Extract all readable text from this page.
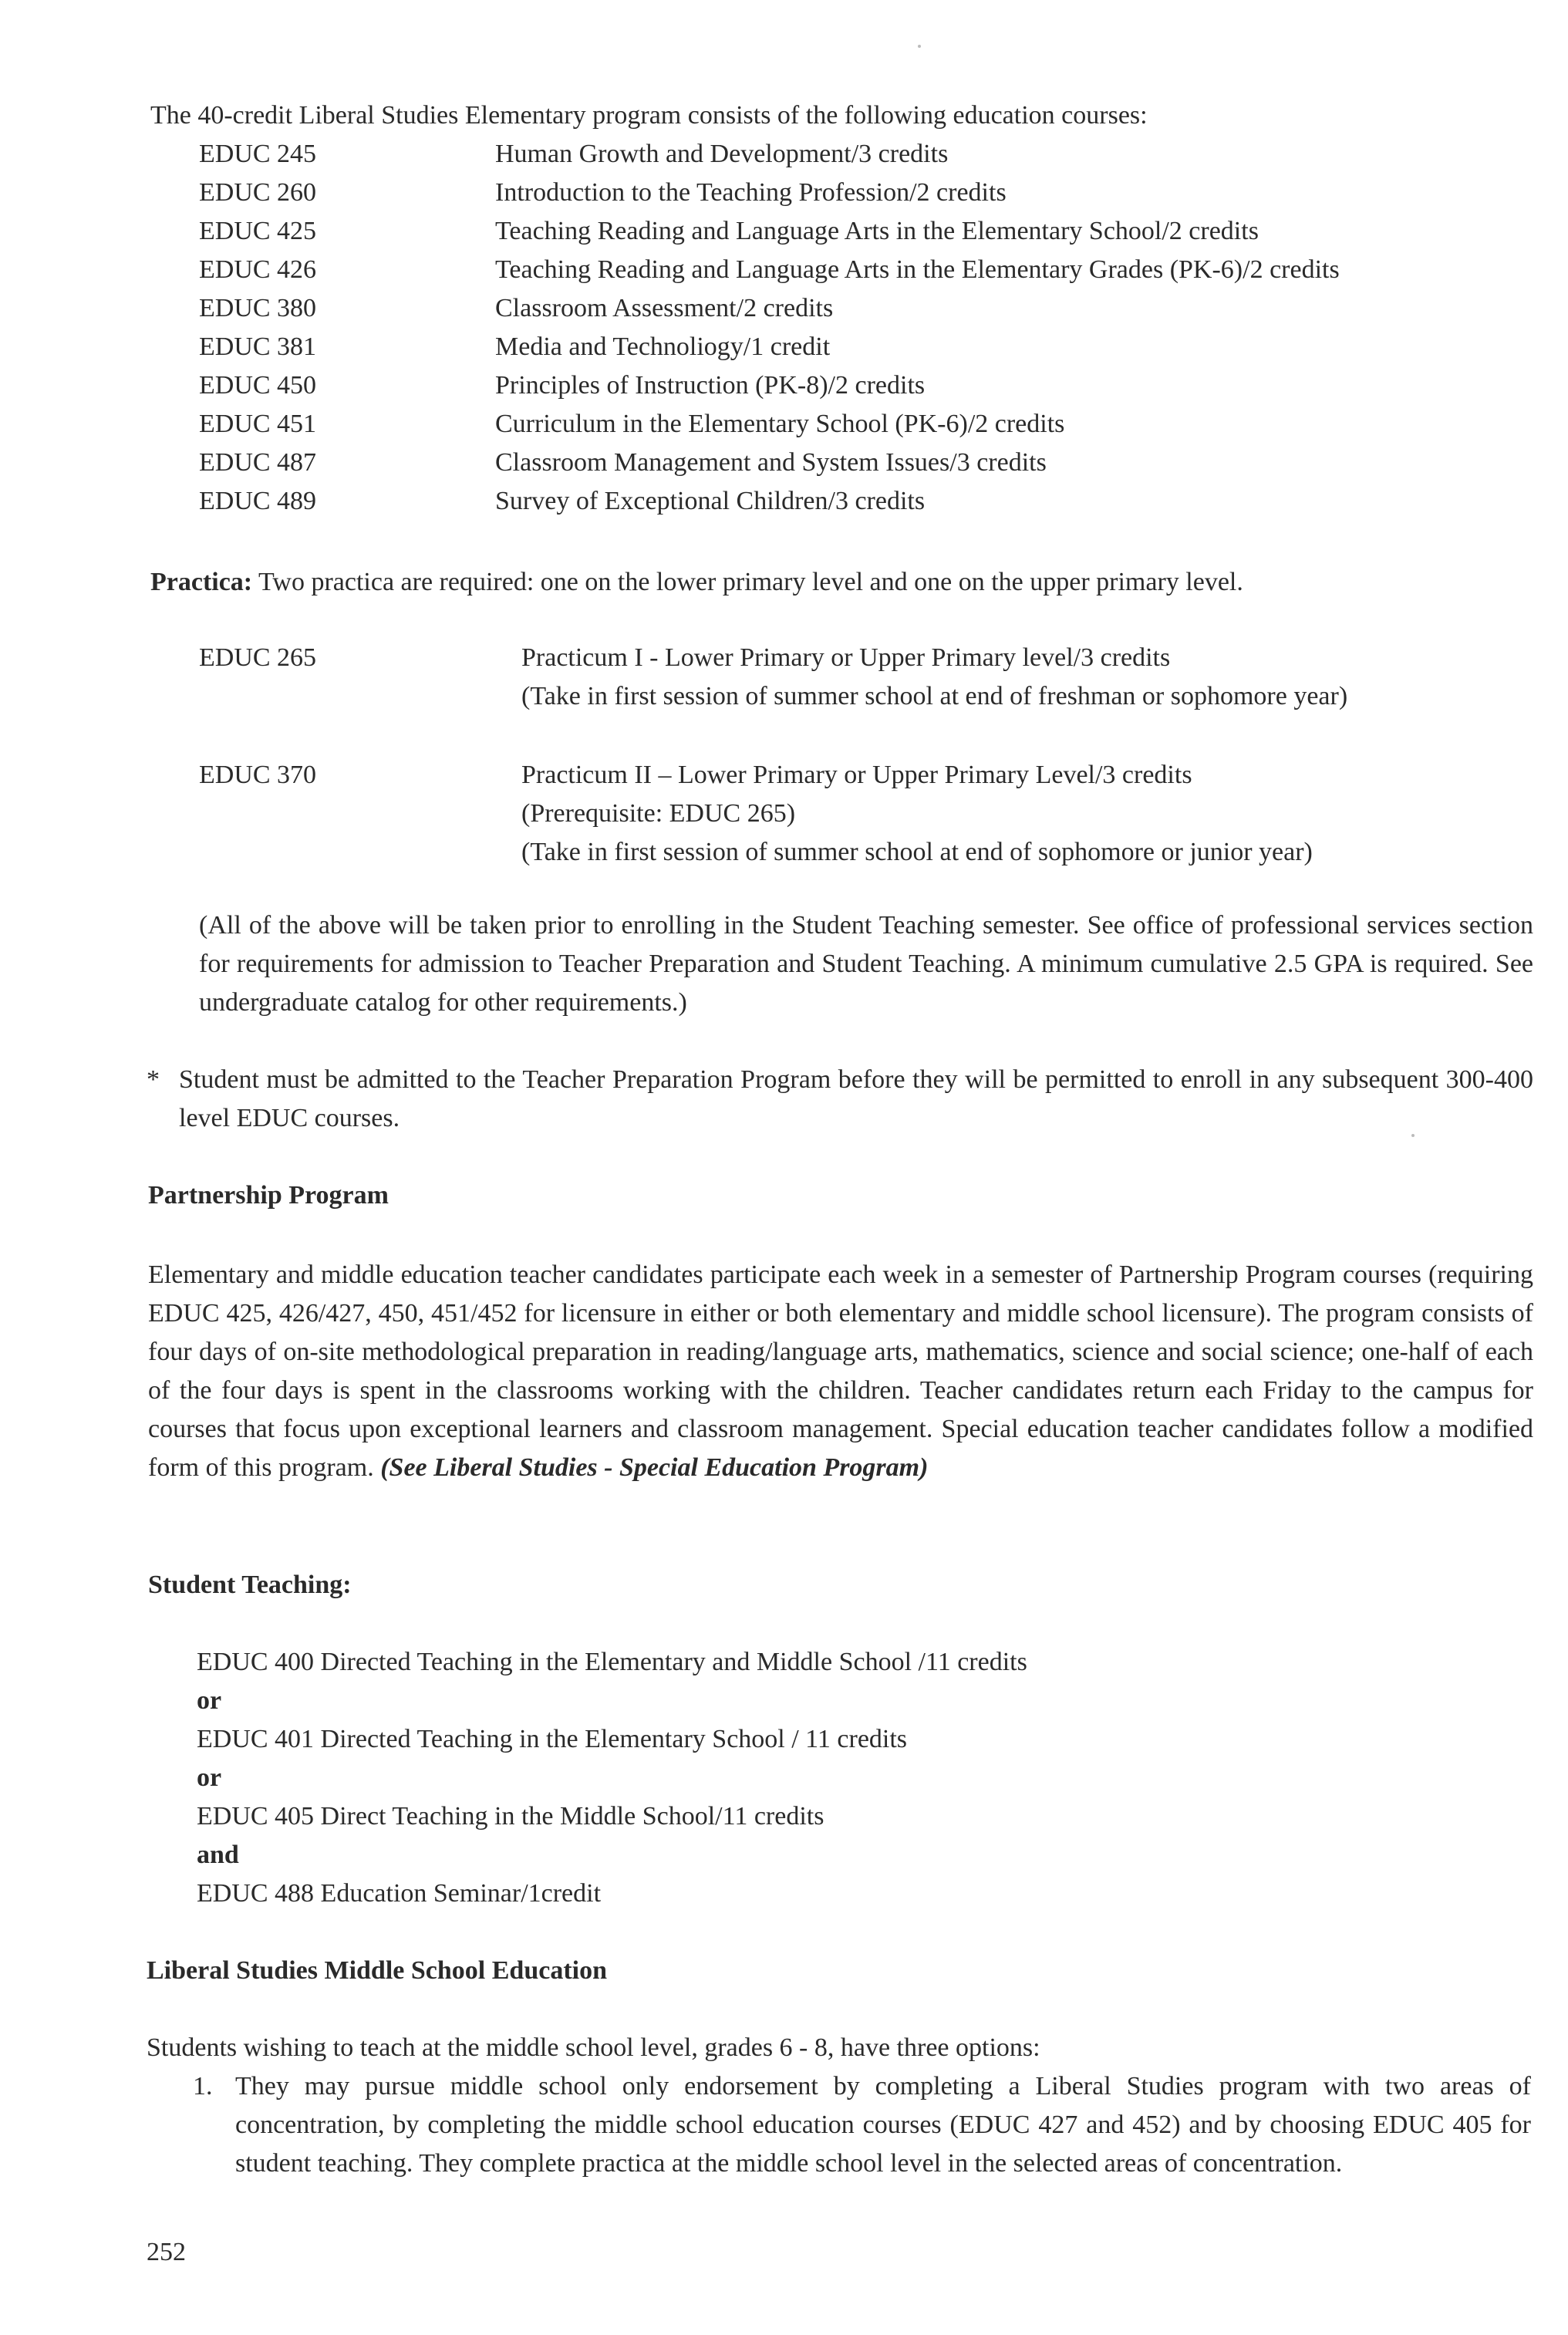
The 40-credit Liberal Studies Elementary program consists of the following education courses:
EDUC 245	Human Growth and Development/3 credits
EDUC 260	Introduction to the Teaching Profession/2 credits
EDUC 425	Teaching Reading and Language Arts in the Elementary School/2 credits
EDUC 426	Teaching Reading and Language Arts in the Elementary Grades (PK-6)/2 credits
EDUC 380	Classroom Assessment/2 credits
EDUC 381	Media and Technoliogy/1 credit
EDUC 450	Principles of Instruction (PK-8)/2 credits
EDUC 451	Curriculum in the Elementary School (PK-6)/2 credits
EDUC 487	Classroom Management and System Issues/3 credits
EDUC 489	Survey of Exceptional Children/3 credits
Practica: Two practica are required: one on the lower primary level and one on the upper primary level.
EDUC 265	Practicum I - Lower Primary or Upper Primary level/3 credits
(Take in first session of summer school at end of freshman or sophomore year)
EDUC 370	Practicum II – Lower Primary or Upper Primary Level/3 credits
(Prerequisite: EDUC 265)
(Take in first session of summer school at end of sophomore or junior year)
(All of the above will be taken prior to enrolling in the Student Teaching semester. See office of professional services section for requirements for admission to Teacher Preparation and Student Teaching. A minimum cumulative 2.5 GPA is required. See undergraduate catalog for other requirements.)
* Student must be admitted to the Teacher Preparation Program before they will be permitted to enroll in any subsequent 300-400 level EDUC courses.
Partnership Program
Elementary and middle education teacher candidates participate each week in a semester of Partnership Program courses (requiring EDUC 425, 426/427, 450, 451/452 for licensure in either or both elementary and middle school licensure). The program consists of four days of on-site methodological preparation in reading/language arts, mathematics, science and social science; one-half of each of the four days is spent in the classrooms working with the children. Teacher candidates return each Friday to the campus for courses that focus upon exceptional learners and classroom management. Special education teacher candidates follow a modified form of this program. (See Liberal Studies - Special Education Program)
Student Teaching:
EDUC 400 Directed Teaching in the Elementary and Middle School /11 credits
or
EDUC 401 Directed Teaching in the Elementary School / 11 credits
or
EDUC 405 Direct Teaching in the Middle School/11 credits
and
EDUC 488 Education Seminar/1credit
Liberal Studies Middle School Education
Students wishing to teach at the middle school level, grades 6 - 8, have three options:
1. They may pursue middle school only endorsement by completing a Liberal Studies program with two areas of concentration, by completing the middle school education courses (EDUC 427 and 452) and by choosing EDUC 405 for student teaching. They complete practica at the middle school level in the selected areas of concentration.
252
